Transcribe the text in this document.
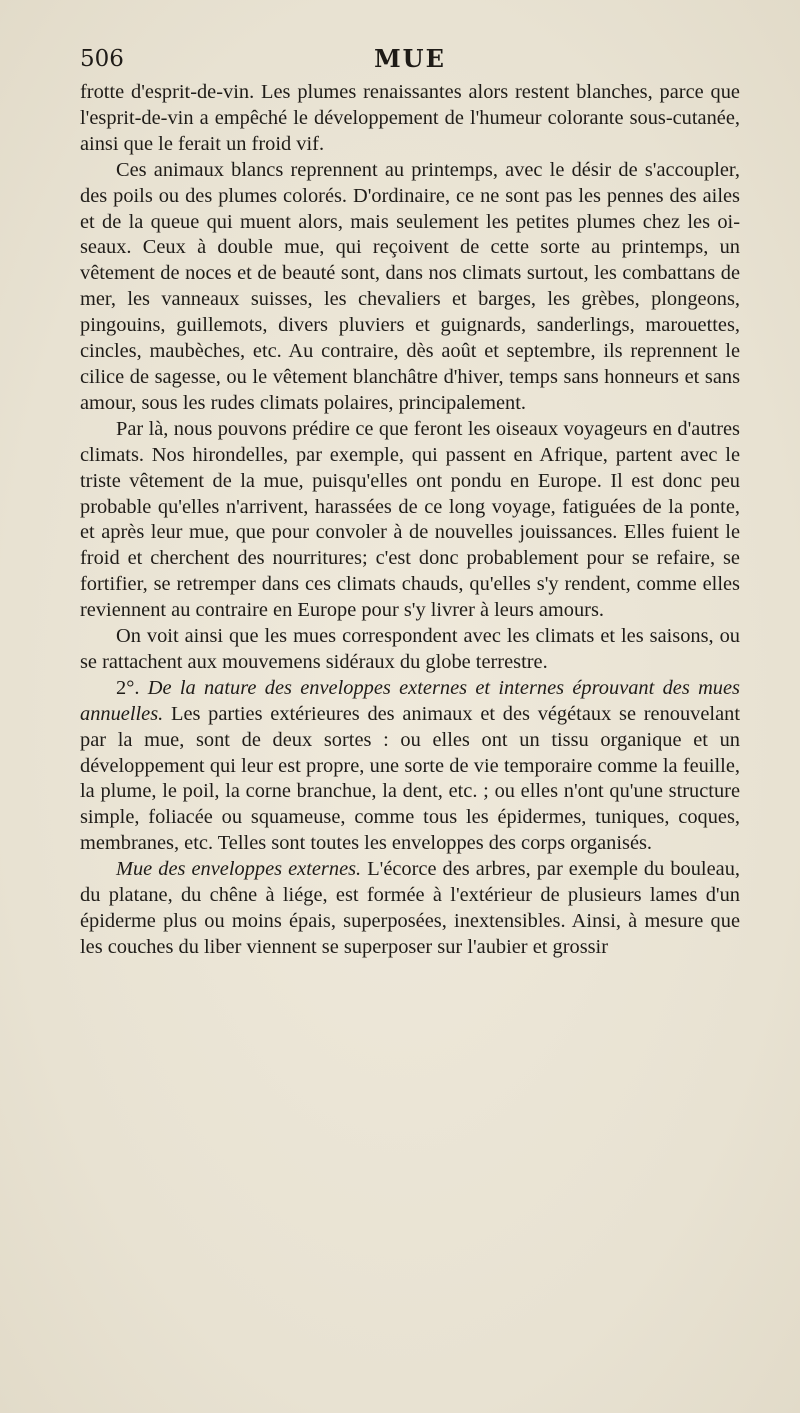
506	MUE

frotte d'esprit-de-vin. Les plumes renaissantes alors restent blanches, parce que l'esprit-de-vin a empêché le développement de l'humeur colorante sous-cutanée, ainsi que le ferait un froid vif.

Ces animaux blancs reprennent au printemps, avec le désir de s'accoupler, des poils ou des plumes colorés. D'ordinaire, ce ne sont pas les pennes des ailes et de la queue qui muent alors, mais seulement les petites plumes chez les oiseaux. Ceux à double mue, qui reçoivent de cette sorte au printemps, un vêtement de noces et de beauté sont, dans nos climats surtout, les combattans de mer, les vanneaux suisses, les chevaliers et barges, les grèbes, plongeons, pingouins, guillemots, divers pluviers et guignards, sanderlings, marouettes, cincles, maubèches, etc. Au contraire, dès août et septembre, ils reprennent le cilice de sagesse, ou le vêtement blanchâtre d'hiver, temps sans honneurs et sans amour, sous les rudes climats polaires, principalement.

Par là, nous pouvons prédire ce que feront les oiseaux voyageurs en d'autres climats. Nos hirondelles, par exemple, qui passent en Afrique, partent avec le triste vêtement de la mue, puisqu'elles ont pondu en Europe. Il est donc peu probable qu'elles n'arrivent, harassées de ce long voyage, fatiguées de la ponte, et après leur mue, que pour convoler à de nouvelles jouissances. Elles fuient le froid et cherchent des nourritures; c'est donc probablement pour se refaire, se fortifier, se retremper dans ces climats chauds, qu'elles s'y rendent, comme elles reviennent au contraire en Europe pour s'y livrer à leurs amours.

On voit ainsi que les mues correspondent avec les climats et les saisons, ou se rattachent aux mouvemens sidéraux du globe terrestre.

2°. De la nature des enveloppes externes et internes éprouvant des mues annuelles. Les parties extérieures des animaux et des végétaux se renouvelant par la mue, sont de deux sortes : ou elles ont un tissu organique et un développement qui leur est propre, une sorte de vie temporaire comme la feuille, la plume, le poil, la corne branchue, la dent, etc. ; ou elles n'ont qu'une structure simple, foliacée ou squameuse, comme tous les épidermes, tuniques, coques, membranes, etc. Telles sont toutes les enveloppes des corps organisés.

Mue des enveloppes externes. L'écorce des arbres, par exemple du bouleau, du platane, du chêne à liége, est formée à l'extérieur de plusieurs lames d'un épiderme plus ou moins épais, superposées, inextensibles. Ainsi, à mesure que les couches du liber viennent se superposer sur l'aubier et grossir
